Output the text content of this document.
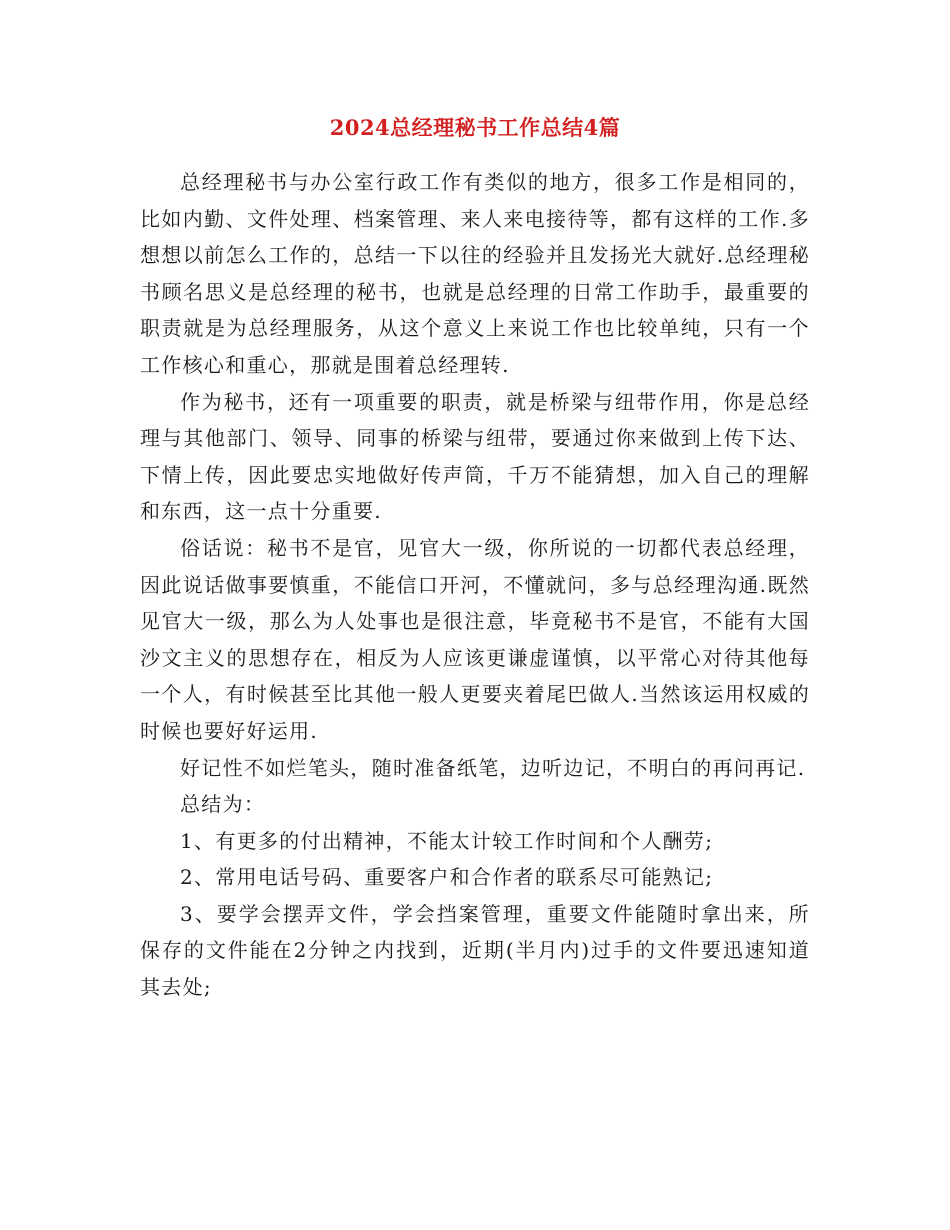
2024总经理秘书工作总结4篇

总经理秘书与办公室行政工作有类似的地方，很多工作是相同的，比如内勤、文件处理、档案管理、来人来电接待等，都有这样的工作.多想想以前怎么工作的，总结一下以往的经验并且发扬光大就好.总经理秘书顾名思义是总经理的秘书，也就是总经理的日常工作助手，最重要的职责就是为总经理服务，从这个意义上来说工作也比较单纯，只有一个工作核心和重心，那就是围着总经理转.

作为秘书，还有一项重要的职责，就是桥梁与纽带作用，你是总经理与其他部门、领导、同事的桥梁与纽带，要通过你来做到上传下达、下情上传，因此要忠实地做好传声筒，千万不能猜想，加入自己的理解和东西，这一点十分重要.

俗话说：秘书不是官，见官大一级，你所说的一切都代表总经理，因此说话做事要慎重，不能信口开河，不懂就问，多与总经理沟通.既然见官大一级，那么为人处事也是很注意，毕竟秘书不是官，不能有大国沙文主义的思想存在，相反为人应该更谦虚谨慎，以平常心对待其他每一个人，有时候甚至比其他一般人更要夹着尾巴做人.当然该运用权威的时候也要好好运用.

好记性不如烂笔头，随时准备纸笔，边听边记，不明白的再问再记.

总结为：

1、有更多的付出精神，不能太计较工作时间和个人酬劳;

2、常用电话号码、重要客户和合作者的联系尽可能熟记;

3、要学会摆弄文件，学会挡案管理，重要文件能随时拿出来，所保存的文件能在2分钟之内找到，近期(半月内)过手的文件要迅速知道其去处;
